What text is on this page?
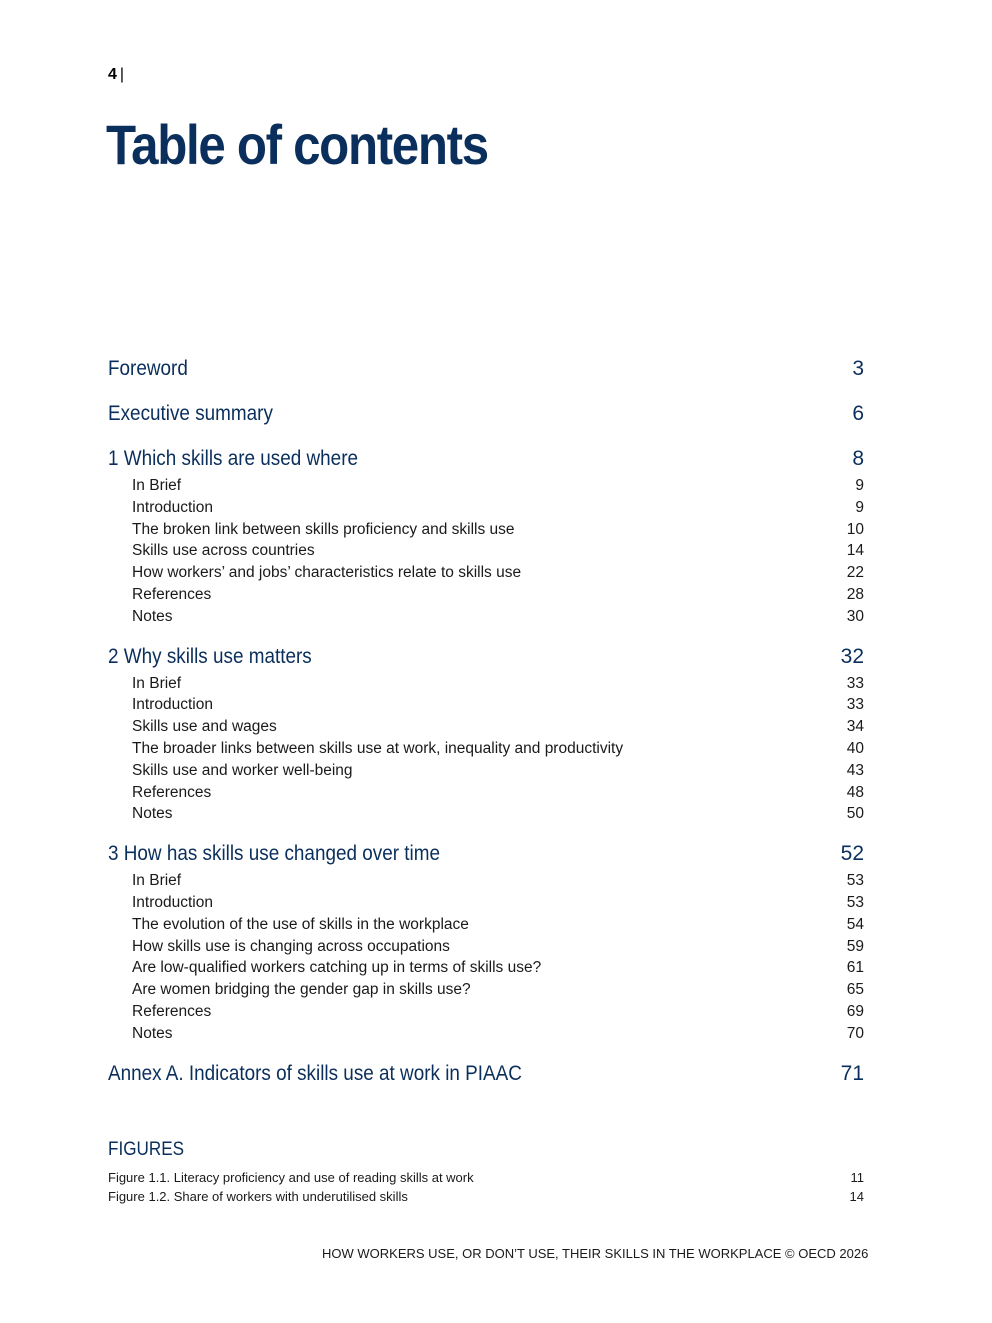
4 |
Table of contents
Foreword	3
Executive summary	6
1 Which skills are used where	8
In Brief	9
Introduction	9
The broken link between skills proficiency and skills use	10
Skills use across countries	14
How workers’ and jobs’ characteristics relate to skills use	22
References	28
Notes	30
2 Why skills use matters	32
In Brief	33
Introduction	33
Skills use and wages	34
The broader links between skills use at work, inequality and productivity	40
Skills use and worker well-being	43
References	48
Notes	50
3 How has skills use changed over time	52
In Brief	53
Introduction	53
The evolution of the use of skills in the workplace	54
How skills use is changing across occupations	59
Are low-qualified workers catching up in terms of skills use?	61
Are women bridging the gender gap in skills use?	65
References	69
Notes	70
Annex A. Indicators of skills use at work in PIAAC	71
FIGURES
Figure 1.1. Literacy proficiency and use of reading skills at work	11
Figure 1.2. Share of workers with underutilised skills	14
HOW WORKERS USE, OR DON’T USE, THEIR SKILLS IN THE WORKPLACE © OECD 2026
